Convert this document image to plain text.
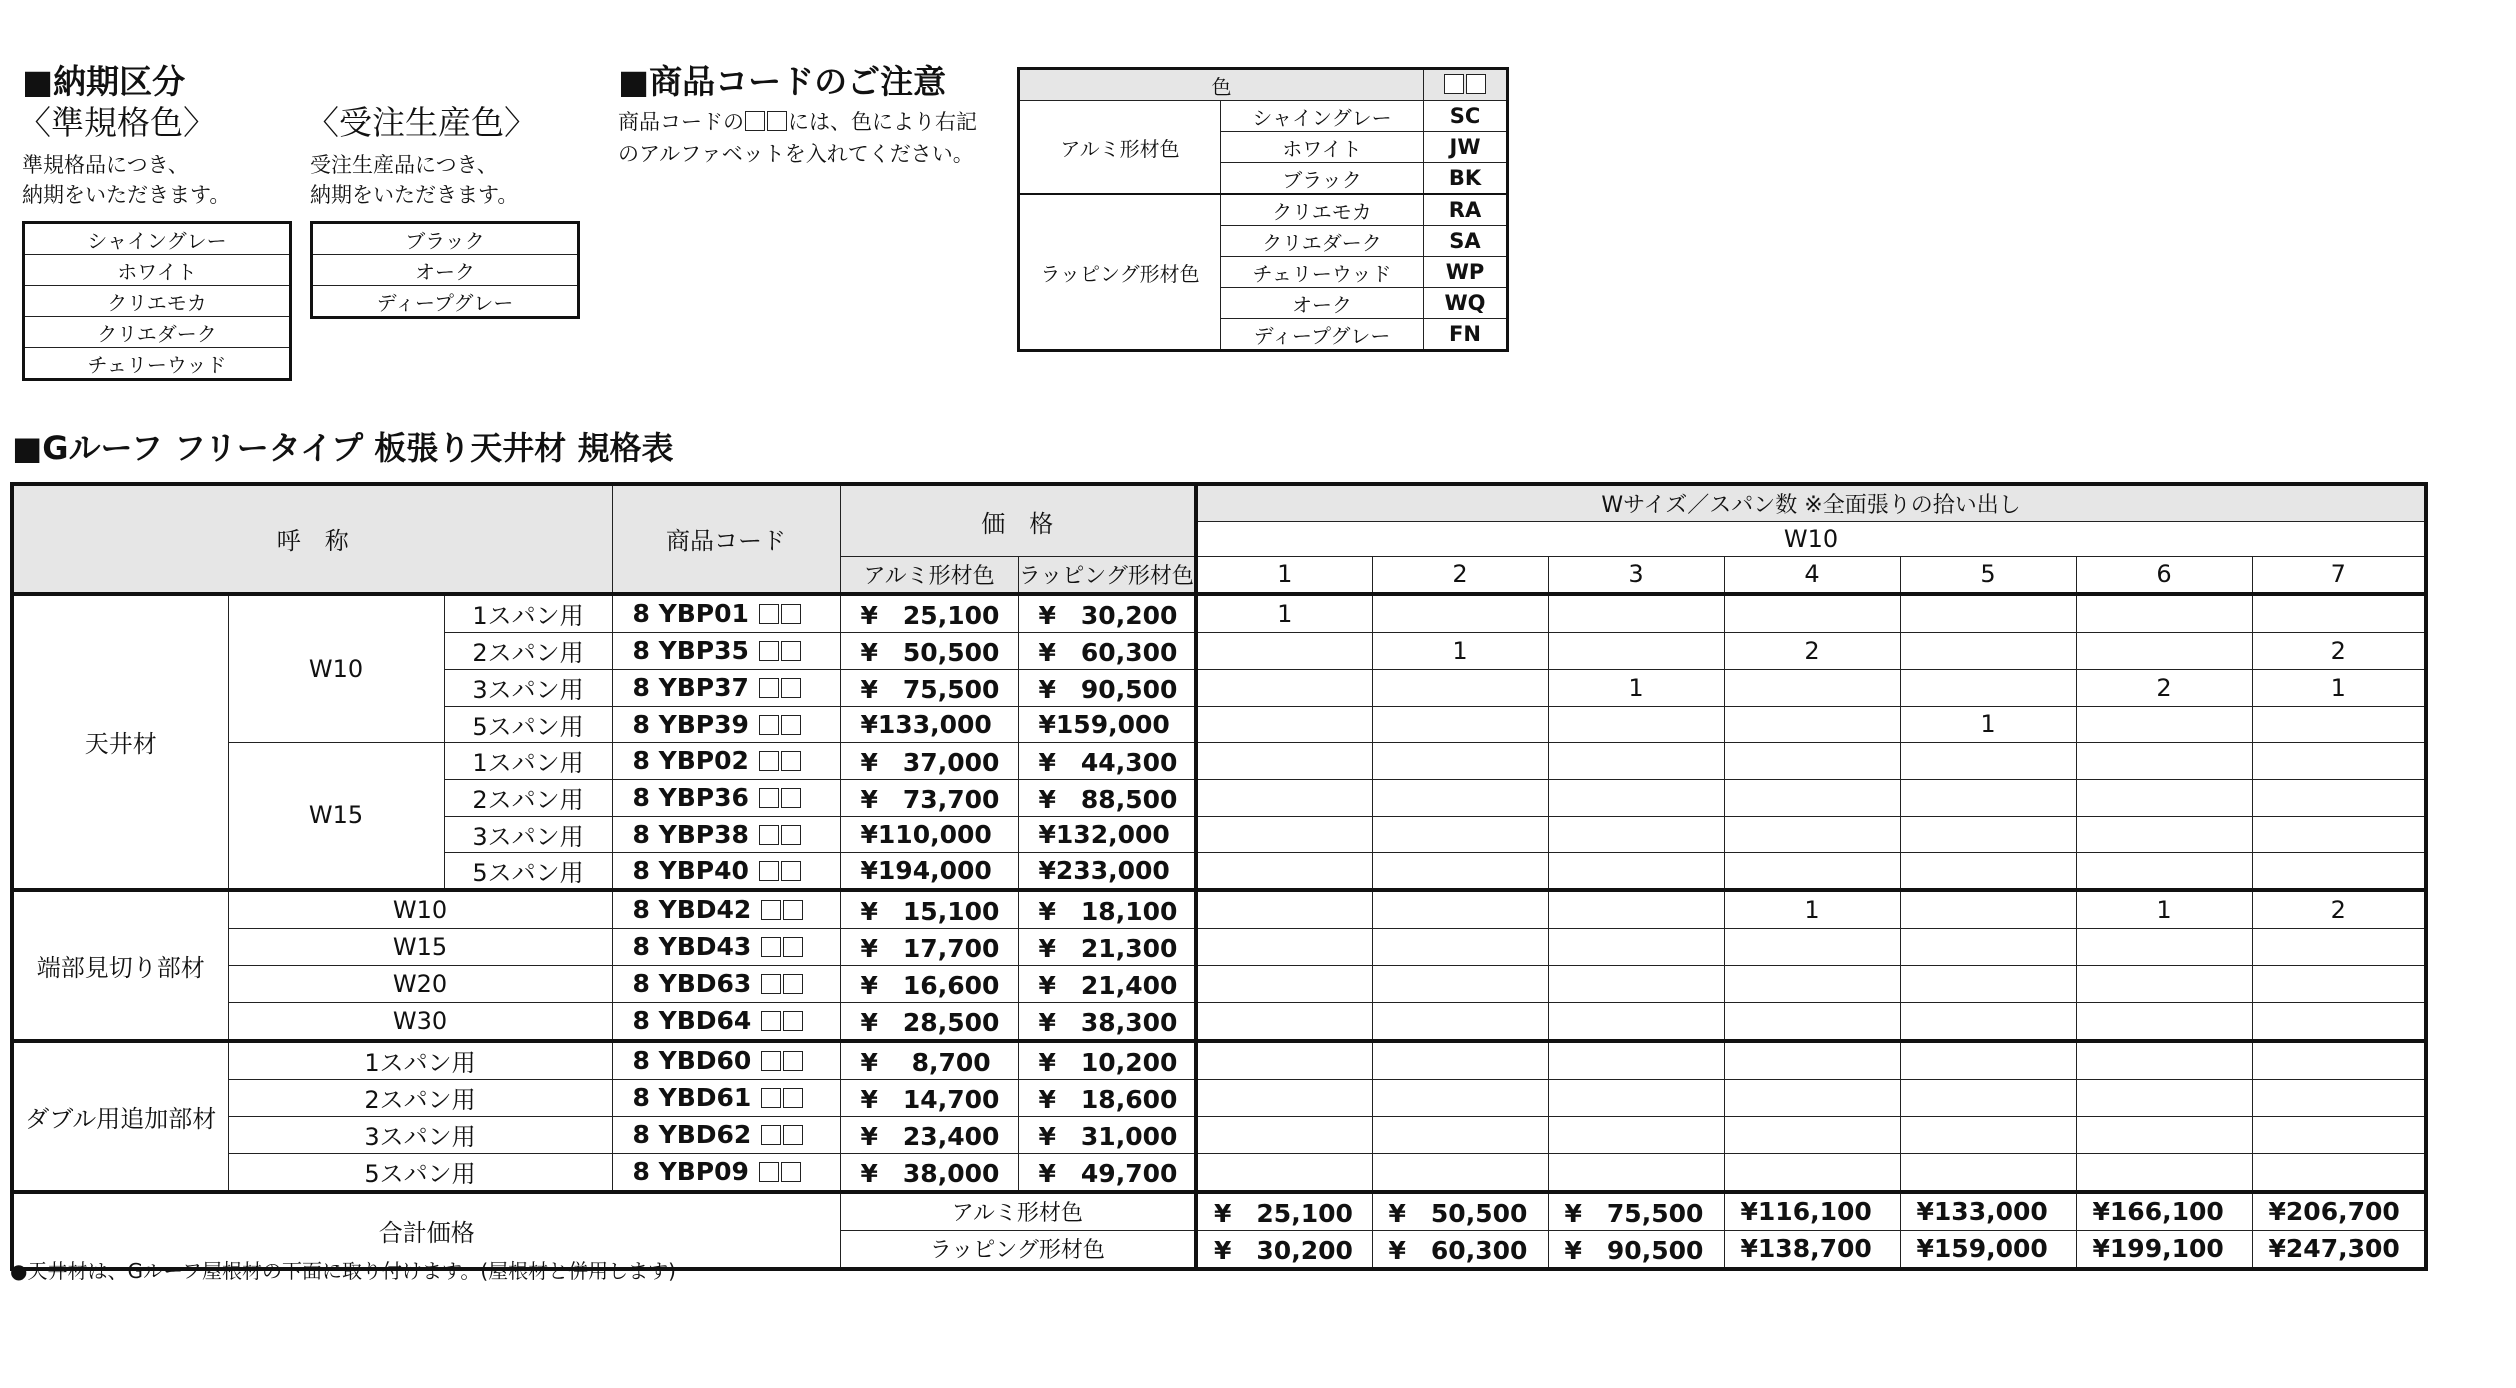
■納期区分
〈準規格色〉
準規格品につき、
納期をいただきます。
シャイングレー
ホワイト
クリエモカ
クリエダーク
チェリーウッド
〈受注生産色〉
受注生産品につき、
納期をいただきます。
ブラック
オーク
ディープグレー
■商品コードのご注意
商品コードの には、色により右記
のアルファベットを入れてください。
色		
アルミ形材色	シャイングレー	SC
	ホワイト	JW
	ブラック	BK
ラッピング形材色	クリエモカ	RA
	クリエダーク	SA
	チェリーウッド	WP
	オーク	WQ
	ディープグレー	FN
■Gルーフ フリータイプ 板張り天井材 規格表
呼　称			商品コード	価　格		Wサイズ／スパン数 ※全面張りの拾い出し						
						W10						
				アルミ形材色	ラッピング形材色	1	2	3	4	5	6	7
天井材	W10	1スパン用	8 YBP01	¥　25,100	¥　30,200	1						
		2スパン用	8 YBP35	¥　50,500	¥　60,300		1		2			2
		3スパン用	8 YBP37	¥　75,500	¥　90,500			1			2	1
		5スパン用	8 YBP39	¥133,000	¥159,000					1		
	W15	1スパン用	8 YBP02	¥　37,000	¥　44,300							
		2スパン用	8 YBP36	¥　73,700	¥　88,500							
		3スパン用	8 YBP38	¥110,000	¥132,000							
		5スパン用	8 YBP40	¥194,000	¥233,000							
端部見切り部材	W10		8 YBD42	¥　15,100	¥　18,100				1		1	2
	W15		8 YBD43	¥　17,700	¥　21,300							
	W20		8 YBD63	¥　16,600	¥　21,400							
	W30		8 YBD64	¥　28,500	¥　38,300							
ダブル用追加部材	1スパン用		8 YBD60	¥　 8,700	¥　10,200							
	2スパン用		8 YBD61	¥　14,700	¥　18,600							
	3スパン用		8 YBD62	¥　23,400	¥　31,000							
	5スパン用		8 YBP09	¥　38,000	¥　49,700							
合計価格				アルミ形材色		¥　25,100	¥　50,500	¥　75,500	¥116,100	¥133,000	¥166,100	¥206,700
				ラッピング形材色		¥　30,200	¥　60,300	¥　90,500	¥138,700	¥159,000	¥199,100	¥247,300
●天井材は、Gルーフ屋根材の下面に取り付けます。(屋根材と併用します)
